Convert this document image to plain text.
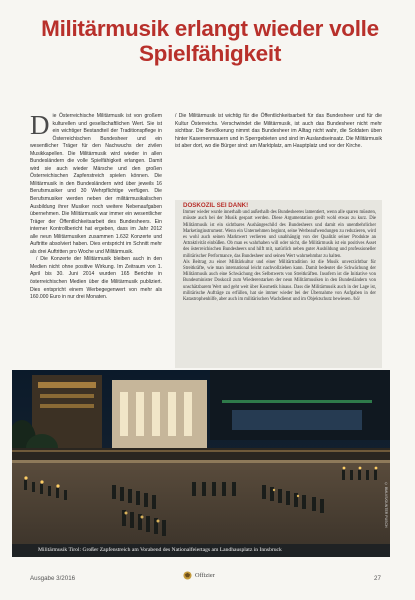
Militärmusik erlangt wieder volle Spielfähigkeit
D ie Österreichische Militärmusik ist von großem kulturellen und gesellschaftlichen Wert. Sie ist ein wichtiger Bestandteil der Traditionspflege in Österreichischen Bundesheer und ein wesentlicher Träger für den Nachwuchs der zivilen Musikkapellen. Die Militärmusik wird wieder in allen Bundesländern die volle Spielfähigkeit erlangen. Damit wird sie auch wieder Märsche und den großen Österreichischen Zapfenstreich spielen können. Die Militärmusik in den Bundesländern wird über jeweils 16 Berufsmusiker und 30 Wehrpflichtige verfügen. Die Berufsmusiker werden neben der militärmusikalischen Ausbildung ihrer Musiker noch weitere Nebenaufgaben übernehmen. Die Militärmusik war immer ein wesentlicher Träger der Öffentlichkeitsarbeit des Bundesheers. Ein interner Kontrollbericht hat ergeben, dass im Jahr 2012 alle neun Militärmusiken zusammen 1.632 Konzerte und Auftritte absolviert haben. Dies entspricht im Schnitt mehr als drei Auftritten pro Woche und Militärmusik.

/ Die Konzerte der Militärmusik bleiben auch in den Medien nicht ohne positive Wirkung. Im Zeitraum von 1. April bis 30. Juni 2014 wurden 165 Berichte in österreichischen Medien über die Militärmusik publiziert. Dies entspricht einem Werbegegenwert von mehr als 160.000 Euro in nur drei Monaten.

/ Die Militärmusik ist wichtig für die Öffentlichkeitsarbeit für das Bundesheer und für die Kultur Österreichs. Verschwindet die Militärmusik, ist auch das Bundesheer nicht mehr sichtbar. Die Bevölkerung nimmt das Bundesheer im Alltag nicht wahr, die Soldaten üben hinter Kasernenmauern und in Sperrgebieten und sind im Auslandseinsatz. Die Militärmusik ist aber dort, wo die Bürger sind: am Marktplatz, am Hauptplatz und vor der Kirche.

DOSKOZIL SEI DANK!

Immer wieder wurde innerhalb und außerhalb des Bundesheeres lamentiert, wenn alle sparen müssten, müsste auch bei der Musik gespart werden. Diese Argumentation greift wohl etwas zu kurz. Die Militärmusik ist ein sichtbares Aushängeschild des Bundesheers und damit ein unentbehrlicher Marketinginstrument. Wenn ein Unternehmen beginnt, seine Werbeaufwendungen zu reduzieren, wird es wohl auch seinen Marktwert verlieren und unabhängig von der Qualität seiner Produkte an Attraktivität einbüßen. Ob man es wahrhaben will oder nicht, die Militärmusik ist ein positives Asset des österreichischen Bundesheers und hilft mit, natürlich neben guter Ausbildung und professioneller militärischer Performance, das Bundesheer und seinen Wert wahrnehmbar zu halten.

Als Beitrag zu einer Militärkultur und einer Militärtradition ist die Musik unverzichtbar für Streitkräfte, wie man international leicht nachvollziehen kann. Damit bedeutet die Schwächung der Militärmusik auch eine Schwächung des Selbstwerts von Streitkräften. Insofern ist die Initiative von Bundesminister Doskozil zum Wiedererstarken der neun Militärmusiken in den Bundesländern von unschätzbarem Wert und geht weit über Kosmetik hinaus. Dass die Militärmusik auch in der Lage ist, militärische Aufträge zu erfüllen, hat sie immer wieder bei der Übernahme von Aufgaben in der Katastrophenhilfe, aber auch im militärischen Wachdienst und im Objektschutz bewiesen. /hö/

© BMLVS/GUNTER PUSCH
Militärmusik Tirol: Großer Zapfenstreich am Vorabend des Nationalfeiertags am Landhausplatz in Innsbruck
Ausgabe 3/2016	Offizier	27
